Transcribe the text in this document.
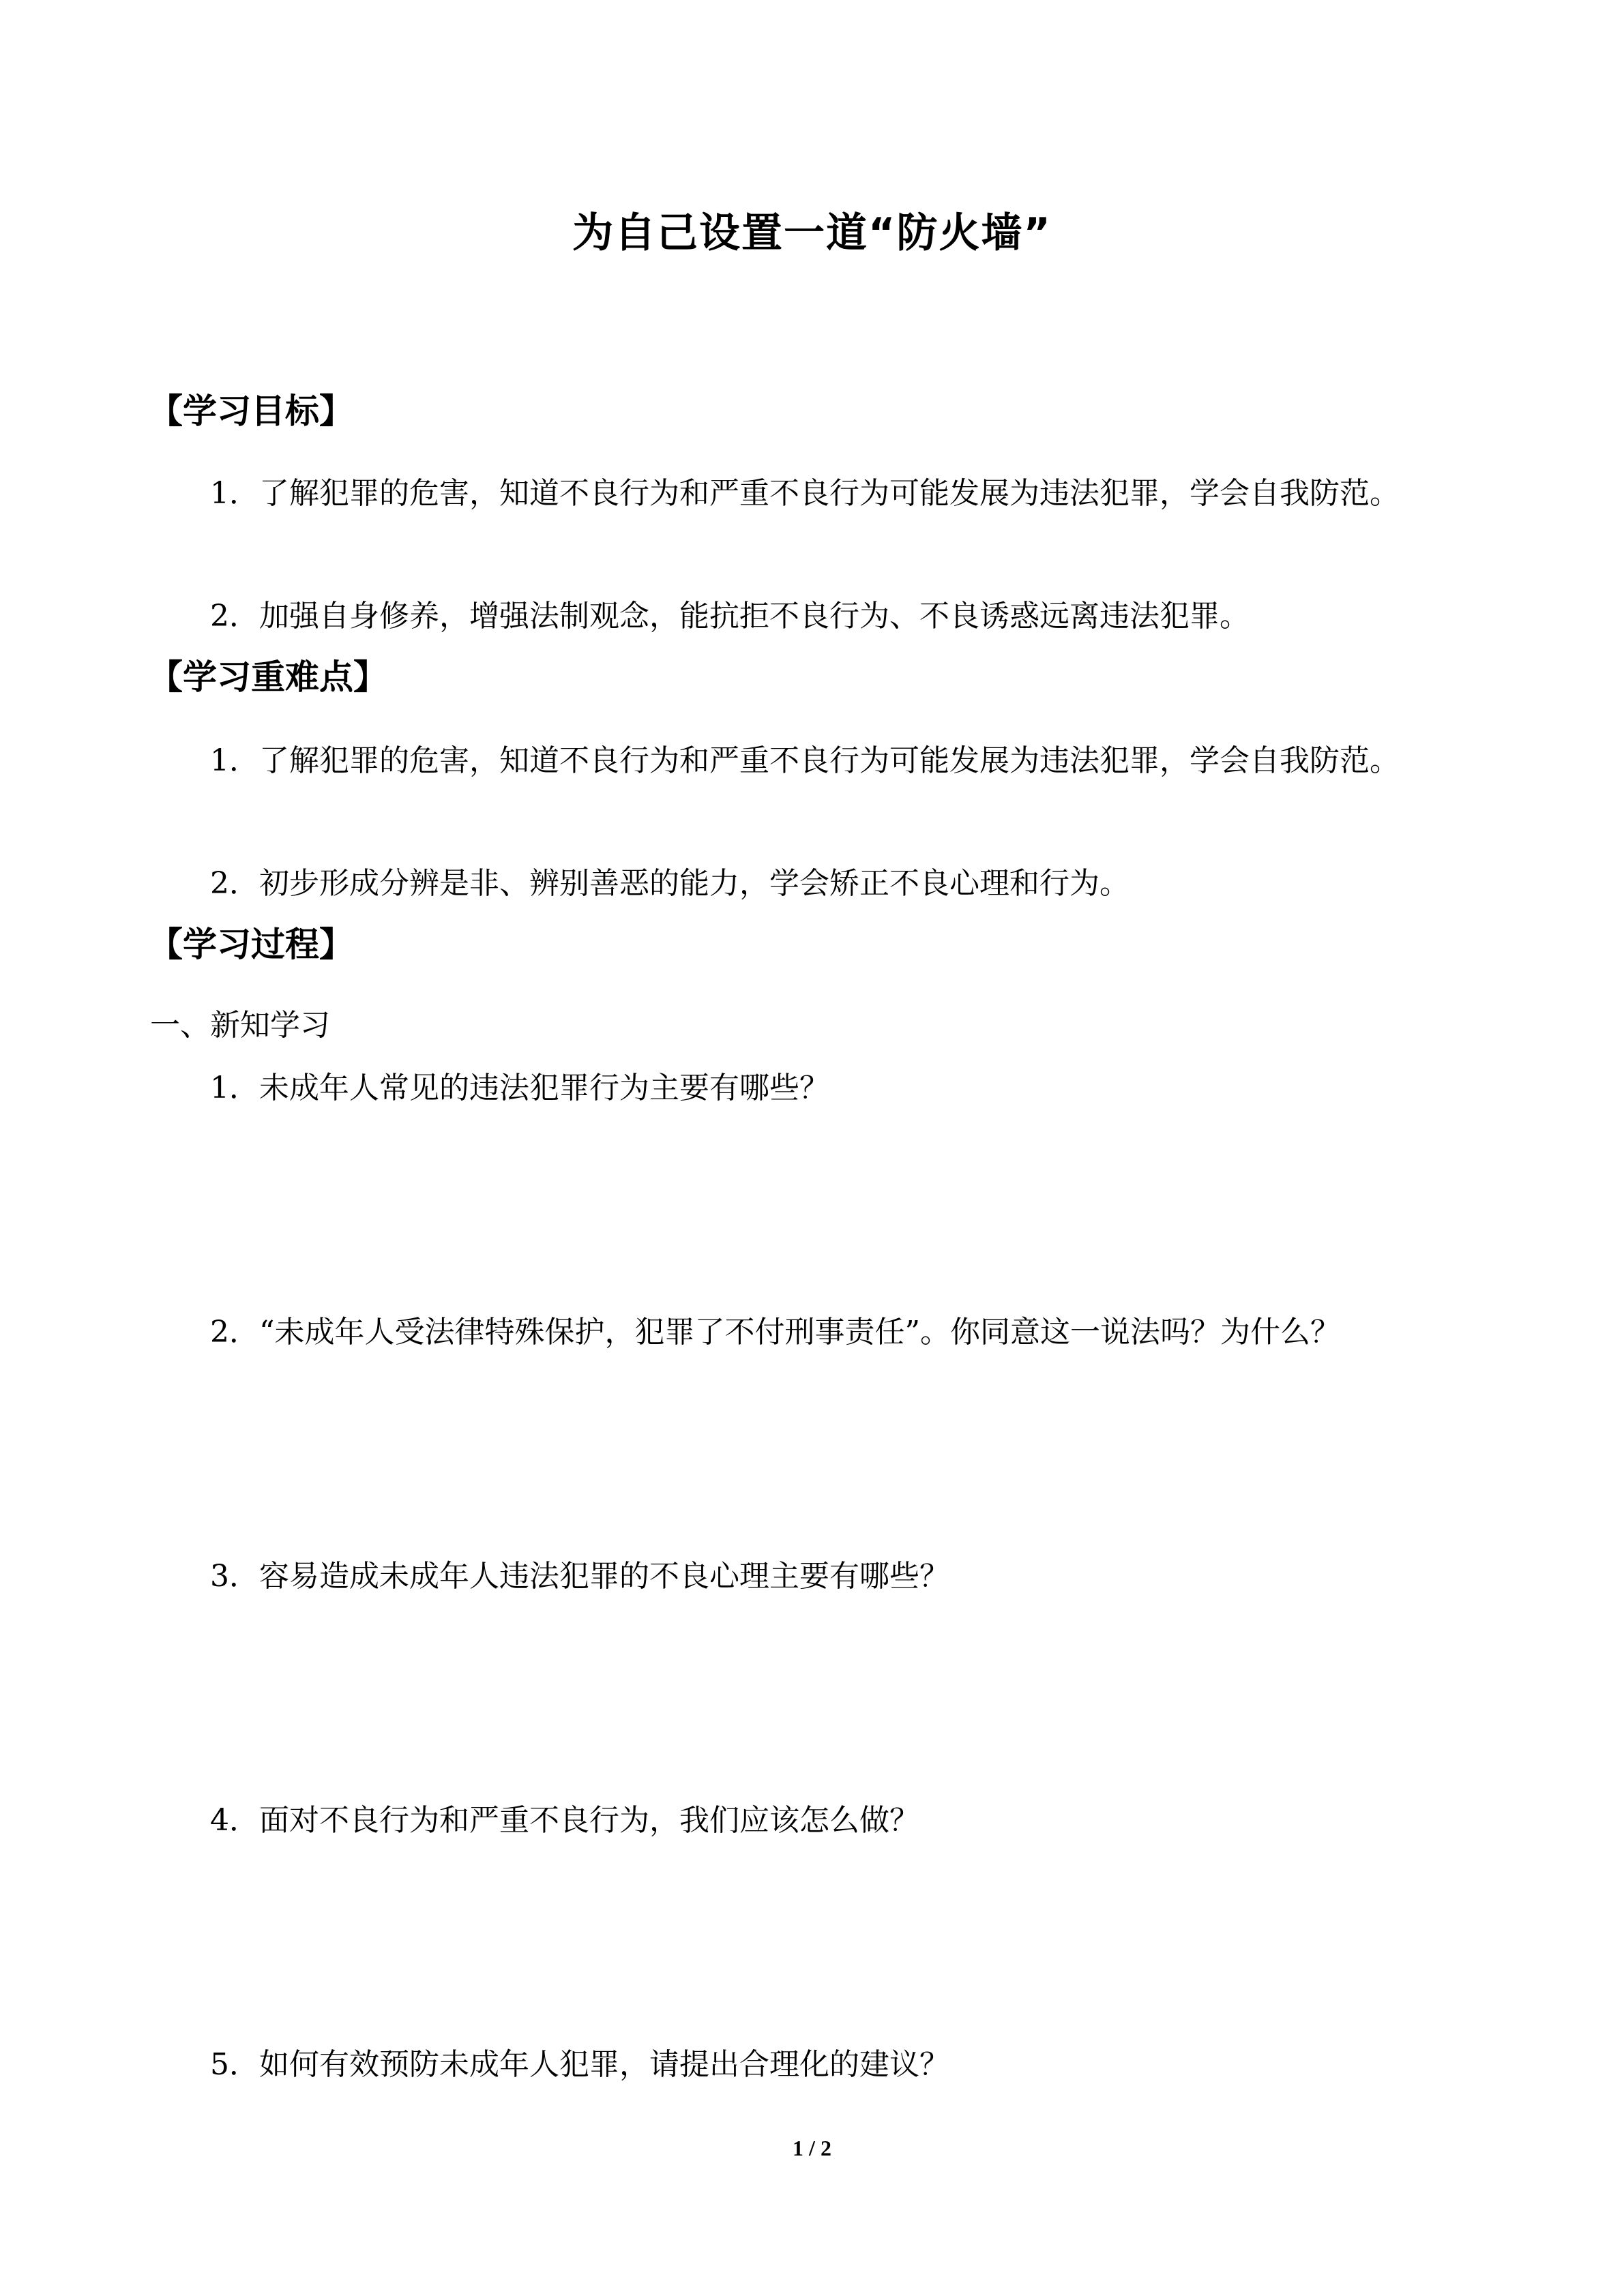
为自己设置一道“防火墙”
【学习目标】
1．了解犯罪的危害，知道不良行为和严重不良行为可能发展为违法犯罪，学会自我防范。
2．加强自身修养，增强法制观念，能抗拒不良行为、不良诱惑远离违法犯罪。
【学习重难点】
1．了解犯罪的危害，知道不良行为和严重不良行为可能发展为违法犯罪，学会自我防范。
2．初步形成分辨是非、辨别善恶的能力，学会矫正不良心理和行为。
【学习过程】
一、新知学习
1．未成年人常见的违法犯罪行为主要有哪些？
2．“未成年人受法律特殊保护，犯罪了不付刑事责任”。你同意这一说法吗？为什么？
3．容易造成未成年人违法犯罪的不良心理主要有哪些？
4．面对不良行为和严重不良行为，我们应该怎么做？
5．如何有效预防未成年人犯罪，请提出合理化的建议？
1 / 2
